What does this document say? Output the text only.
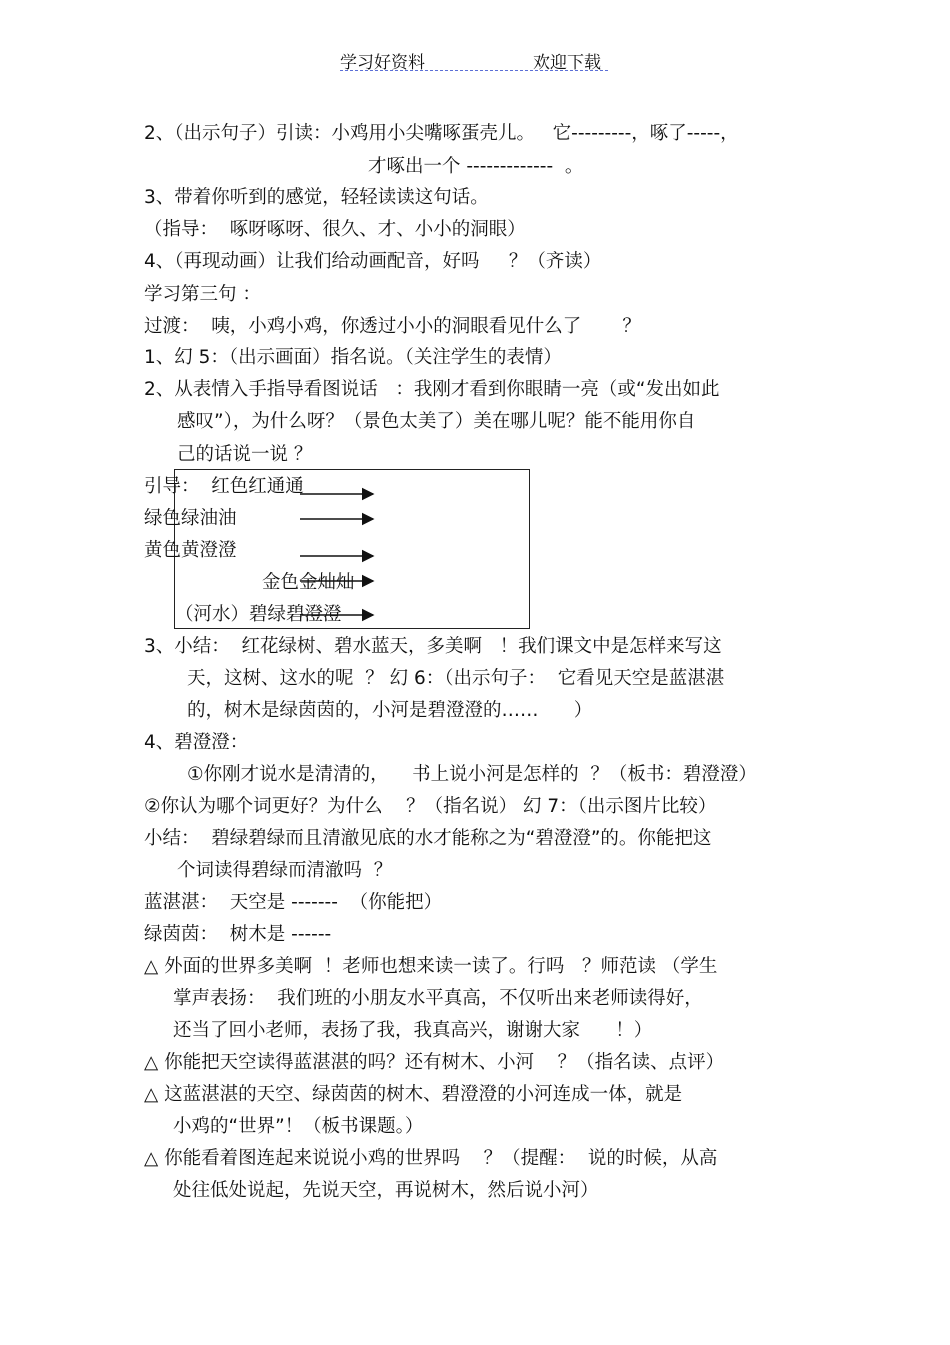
学习好资料	欢迎下载
2、（出示句子）引读：小鸡用小尖嘴啄蛋壳儿。   它---------，啄了-----，
才啄出一个 -------------  。
3、带着你听到的感觉，轻轻读读这句话。
（指导：  啄呀啄呀、很久、才、小小的洞眼）
4、（再现动画）让我们给动画配音，好吗     ？（齐读）
学习第三句 ：
过渡：  咦，小鸡小鸡，你透过小小的洞眼看见什么了       ？
1、幻 5：（出示画面）指名说。（关注学生的表情）
2、从表情入手指导看图说话   ：我刚才看到你眼睛一亮（或“发出如此
感叹”），为什么呀？（景色太美了）美在哪儿呢？能不能用你自
己的话说一说 ？
引导：  红色红通通
绿色绿油油
黄色黄澄澄
金色金灿灿
（河水）碧绿碧澄澄
3、小结：  红花绿树、碧水蓝天，多美啊   ！我们课文中是怎样来写这
天，这树、这水的呢  ？ 幻 6：（出示句子：  它看见天空是蓝湛湛
的，树木是绿茵茵的，小河是碧澄澄的……      ）
4、碧澄澄：
①你刚才说水是清清的，    书上说小河是怎样的  ？（板书：碧澄澄）
②你认为哪个词更好？为什么    ？（指名说） 幻 7：（出示图片比较）
小结：  碧绿碧绿而且清澈见底的水才能称之为“碧澄澄”的。你能把这
个词读得碧绿而清澈吗  ？
蓝湛湛：  天空是 -------  （你能把）
绿茵茵：  树木是 ------
△ 外面的世界多美啊  ！老师也想来读一读了。行吗   ？师范读 （学生
掌声表扬：  我们班的小朋友水平真高，不仅听出来老师读得好，
还当了回小老师，表扬了我，我真高兴，谢谢大家      ！）
△ 你能把天空读得蓝湛湛的吗？还有树木、小河    ？（指名读、点评）
△ 这蓝湛湛的天空、绿茵茵的树木、碧澄澄的小河连成一体，就是
小鸡的“世界”！（板书课题。）
△ 你能看着图连起来说说小鸡的世界吗    ？（提醒：  说的时候，从高
处往低处说起，先说天空，再说树木，然后说小河）
